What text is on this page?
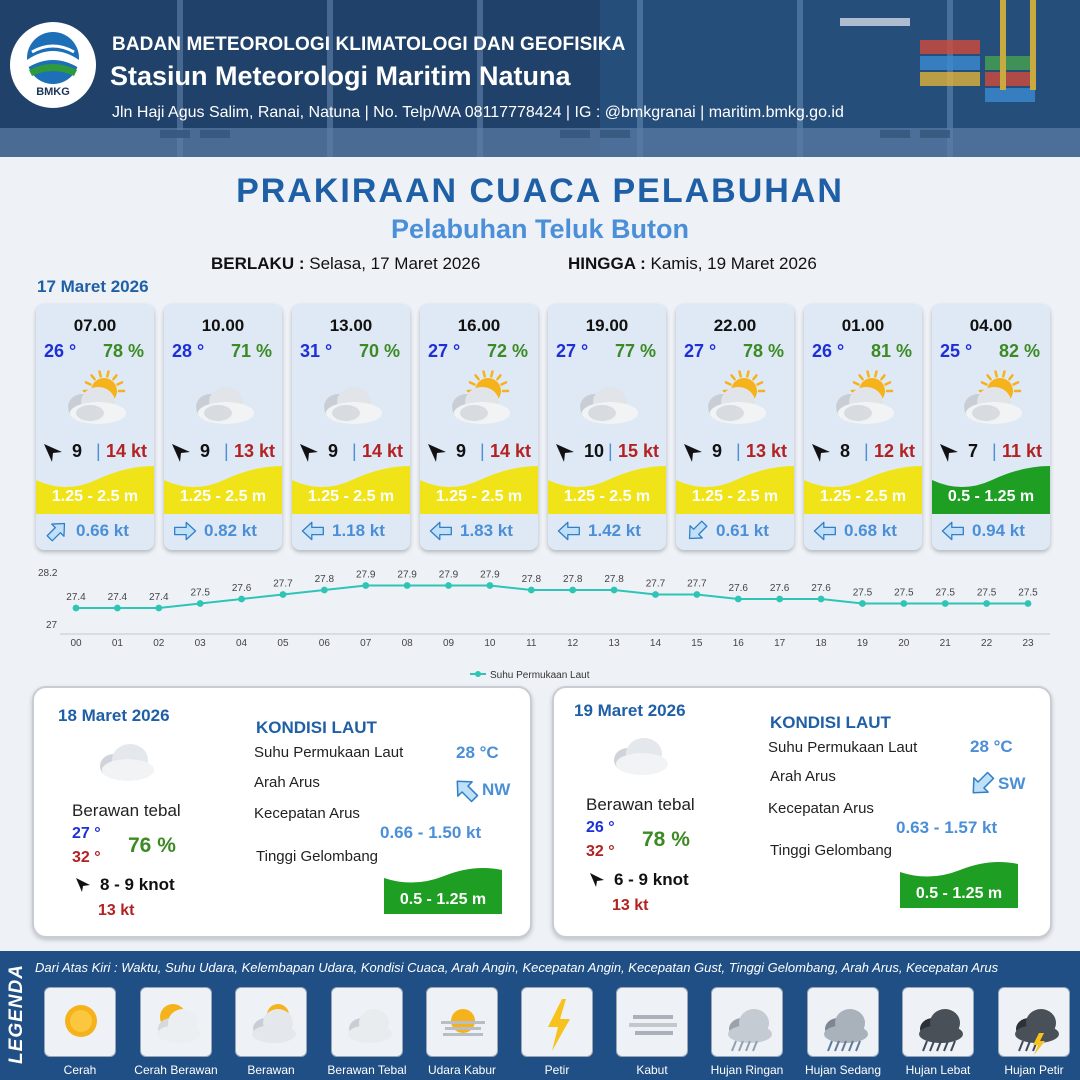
BMKG
BADAN METEOROLOGI KLIMATOLOGI DAN GEOFISIKA
Stasiun Meteorologi Maritim Natuna
Jln Haji Agus Salim, Ranai, Natuna | No. Telp/WA 08117778424 | IG : @bmkgranai | maritim.bmkg.go.id
PRAKIRAAN CUACA PELABUHAN
Pelabuhan Teluk Buton
BERLAKU : Selasa, 17 Maret 2026	HINGGA : Kamis, 19 Maret 2026
17 Maret 2026
07.00
26 ° 78 %
9 | 14 kt
1.25 - 2.5 m
0.66 kt
10.00
28 ° 71 %
9 | 13 kt
1.25 - 2.5 m
0.82 kt
13.00
31 ° 70 %
9 | 14 kt
1.25 - 2.5 m
1.18 kt
16.00
27 ° 72 %
9 | 14 kt
1.25 - 2.5 m
1.83 kt
19.00
27 ° 77 %
10 | 15 kt
1.25 - 2.5 m
1.42 kt
22.00
27 ° 78 %
9 | 13 kt
1.25 - 2.5 m
0.61 kt
01.00
26 ° 81 %
8 | 12 kt
1.25 - 2.5 m
0.68 kt
04.00
25 ° 82 %
7 | 11 kt
0.5 - 1.25 m
0.94 kt
28.2
27
27.4
00
27.4
01
27.4
02
27.5
03
27.6
04
27.7
05
27.8
06
27.9
07
27.9
08
27.9
09
27.9
10
27.8
11
27.8
12
27.8
13
27.7
14
27.7
15
27.6
16
27.6
17
27.6
18
27.5
19
27.5
20
27.5
21
27.5
22
27.5
23
Suhu Permukaan Laut
18 Maret 2026
Berawan tebal
27 °
32 °
76 %
8 - 9 knot
13 kt
KONDISI LAUT
Suhu Permukaan Laut	28 °C
Arah Arus	NW
Kecepatan Arus
0.66 - 1.50 kt
Tinggi Gelombang
0.5 - 1.25 m
19 Maret 2026
Berawan tebal
26 °
32 °
78 %
6 - 9 knot
13 kt
KONDISI LAUT
Suhu Permukaan Laut	28 °C
Arah Arus	SW
Kecepatan Arus
0.63 - 1.57 kt
Tinggi Gelombang
0.5 - 1.25 m
LEGENDA Dari Atas Kiri : Waktu, Suhu Udara, Kelembapan Udara, Kondisi Cuaca, Arah Angin, Kecepatan Angin, Kecepatan Gust, Tinggi Gelombang, Arah Arus, Kecepatan Arus
Cerah	Cerah Berawan	Berawan	Berawan Tebal	Udara Kabur	Petir	Kabut	Hujan Ringan	Hujan Sedang	Hujan Lebat	Hujan Petir
